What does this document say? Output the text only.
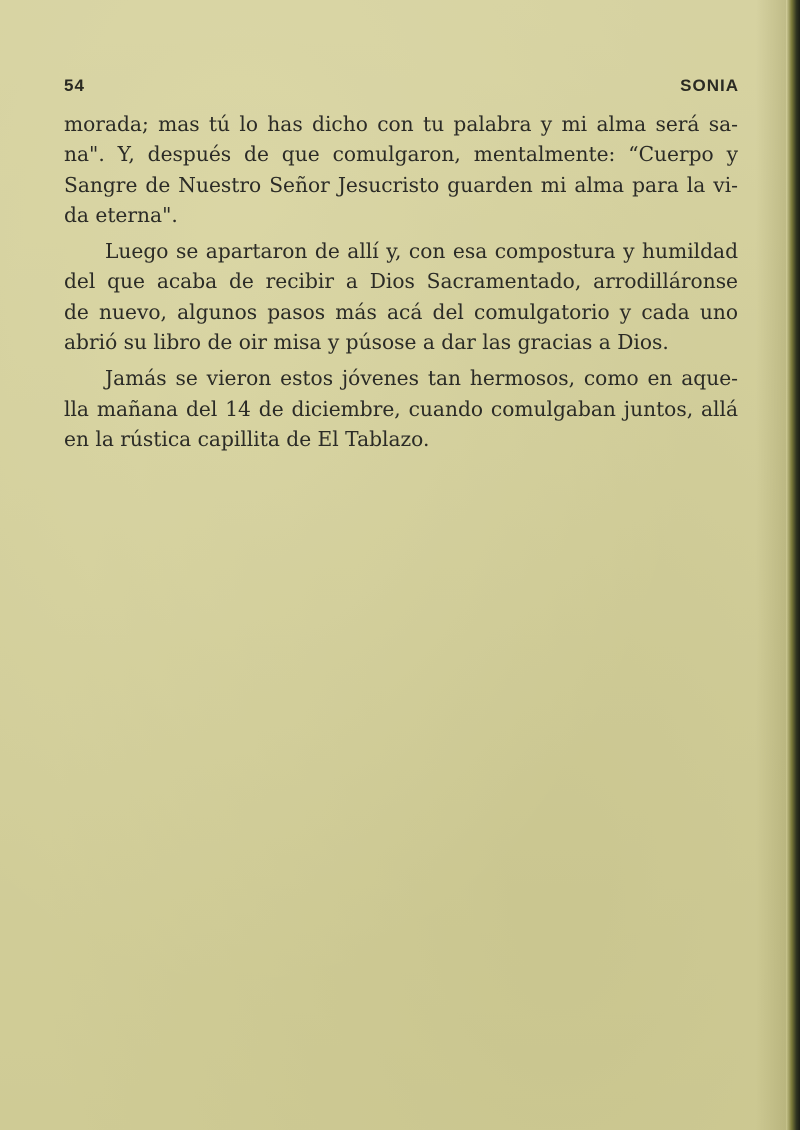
54	SONIA

morada; mas tú lo has dicho con tu palabra y mi alma será sa-
na". Y, después de que comulgaron, mentalmente: “Cuerpo y
Sangre de Nuestro Señor Jesucristo guarden mi alma para la vi-
da eterna".

Luego se apartaron de allí y, con esa compostura y humildad
del que acaba de recibir a Dios Sacramentado, arrodilláronse
de nuevo, algunos pasos más acá del comulgatorio y cada uno
abrió su libro de oir misa y púsose a dar las gracias a Dios.

Jamás se vieron estos jóvenes tan hermosos, como en aque-
lla mañana del 14 de diciembre, cuando comulgaban juntos, allá
en la rústica capillita de El Tablazo.
